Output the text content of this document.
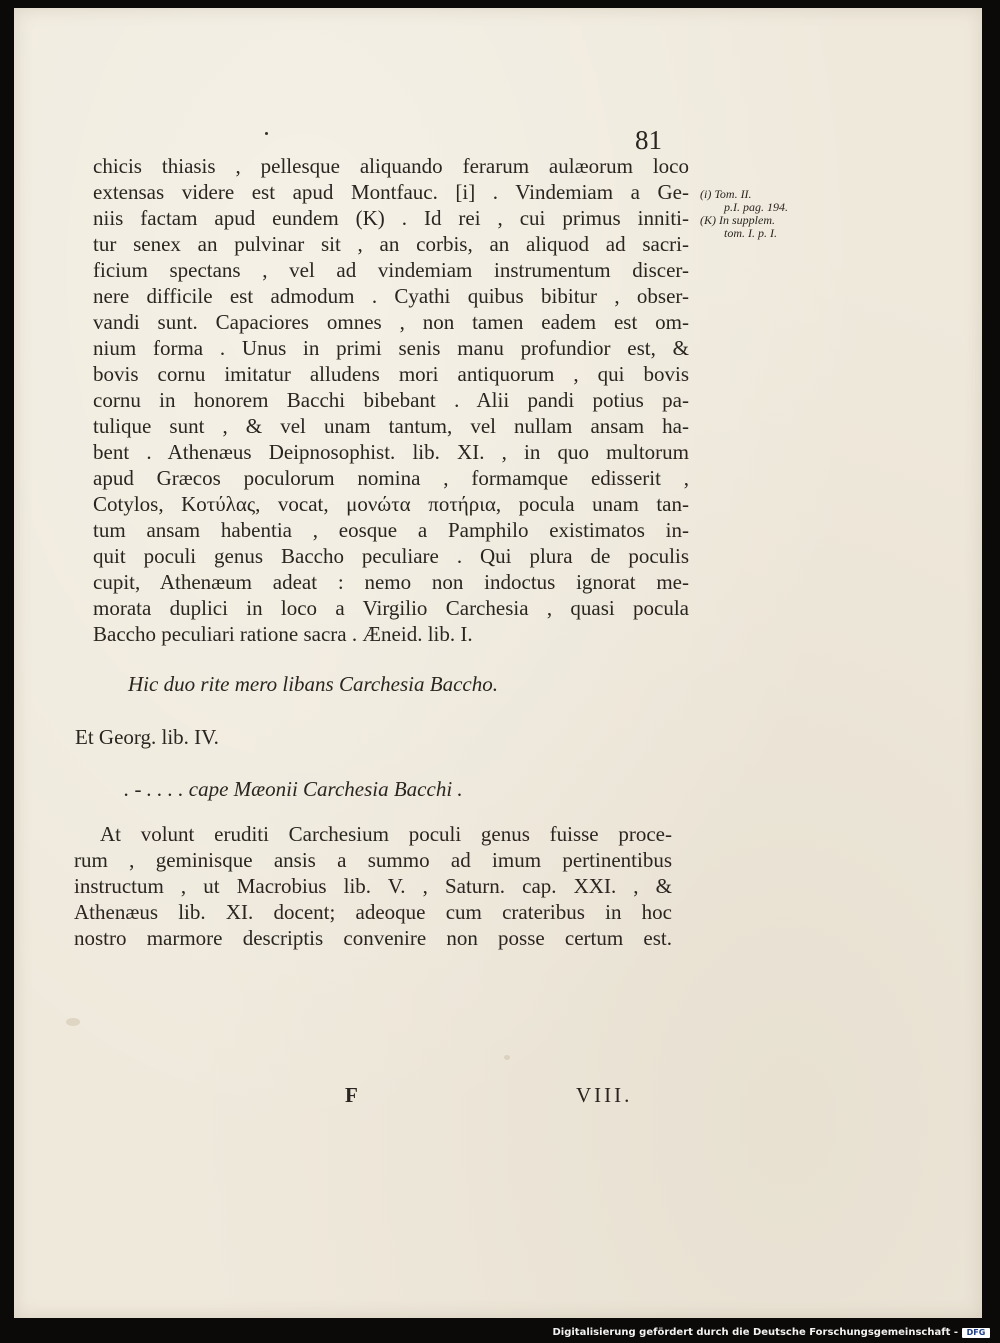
81
chicis thiasis , pellesque aliquando ferarum aulæorum loco
extensas videre est apud Montfauc. [i] . Vindemiam a Ge-
niis factam apud eundem (K) . Id rei , cui primus inniti-
tur senex an pulvinar sit , an corbis, an aliquod ad sacri-
ficium spectans , vel ad vindemiam instrumentum discer-
nere difficile est admodum . Cyathi quibus bibitur , obser-
vandi sunt. Capaciores omnes , non tamen eadem est om-
nium forma . Unus in primi senis manu profundior est, &
bovis cornu imitatur alludens mori antiquorum , qui bovis
cornu in honorem Bacchi bibebant . Alii pandi potius pa-
tulique sunt , & vel unam tantum, vel nullam ansam ha-
bent . Athenæus Deipnosophist. lib. XI. , in quo multorum
apud Græcos poculorum nomina , formamque edisserit ,
Cotylos, Κοτύλας, vocat, μονώτα ποτήρια, pocula unam tan-
tum ansam habentia , eosque a Pamphilo existimatos in-
quit poculi genus Baccho peculiare . Qui plura de poculis
cupit, Athenæum adeat : nemo non indoctus ignorat me-
morata duplici in loco a Virgilio Carchesia , quasi pocula
Baccho peculiari ratione sacra . Æneid. lib. I.
(i) Tom. II.
p.I. pag. 194.
(K) In supplem.
tom. I. p. I.
Hic duo rite mero libans Carchesia Baccho.
Et Georg. lib. IV.
. - . . . . cape Mæonii Carchesia Bacchi .
At volunt eruditi Carchesium poculi genus fuisse proce-
rum , geminisque ansis a summo ad imum pertinentibus
instructum , ut Macrobius lib. V. , Saturn. cap. XXI. , &
Athenæus lib. XI. docent; adeoque cum crateribus in hoc
nostro marmore descriptis convenire non posse certum est.
F	VIII.
Digitalisierung gefördert durch die Deutsche Forschungsgemeinschaft -	DFG
